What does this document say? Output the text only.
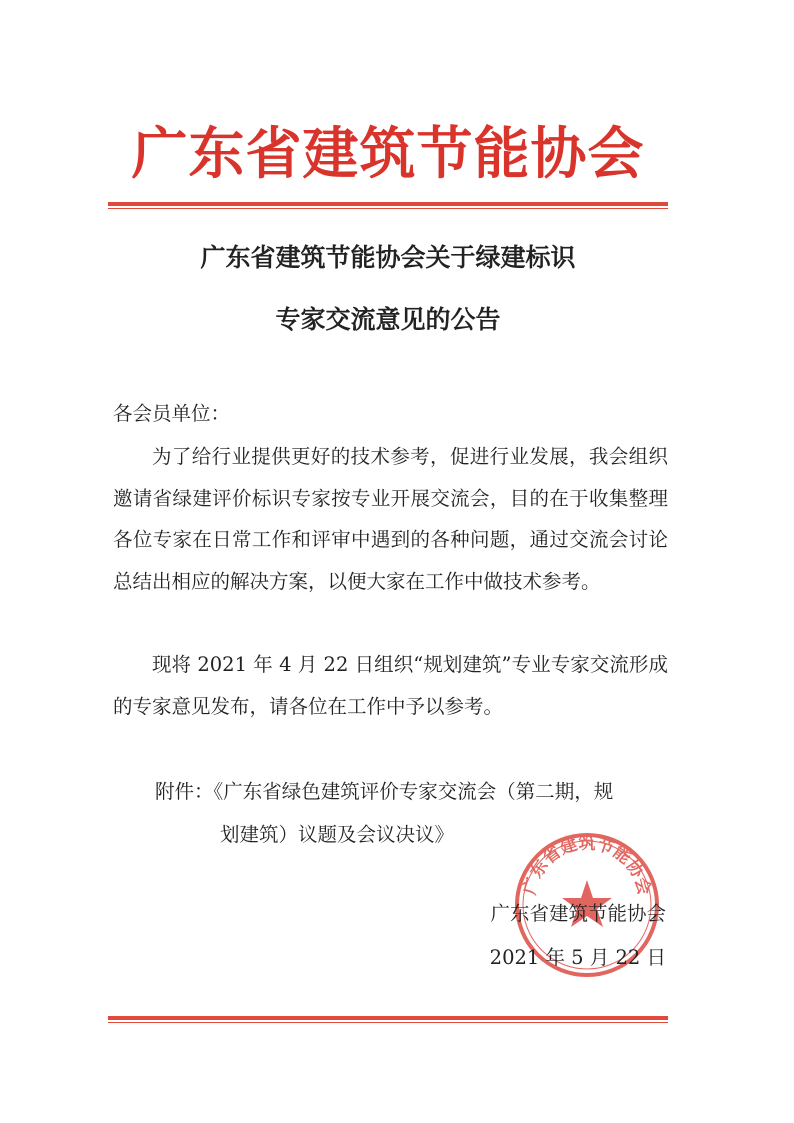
广东省建筑节能协会
广东省建筑节能协会关于绿建标识
专家交流意见的公告
各会员单位：

为了给行业提供更好的技术参考，促进行业发展，我会组织邀请省绿建评价标识专家按专业开展交流会，目的在于收集整理各位专家在日常工作和评审中遇到的各种问题，通过交流会讨论总结出相应的解决方案，以便大家在工作中做技术参考。

现将 2021 年 4 月 22 日组织“规划建筑”专业专家交流形成的专家意见发布，请各位在工作中予以参考。

附件：《广东省绿色建筑评价专家交流会（第二期，规
划建筑）议题及会议决议》
广东省建筑节能协会
广东省建筑节能协会
2021 年 5 月 22 日
